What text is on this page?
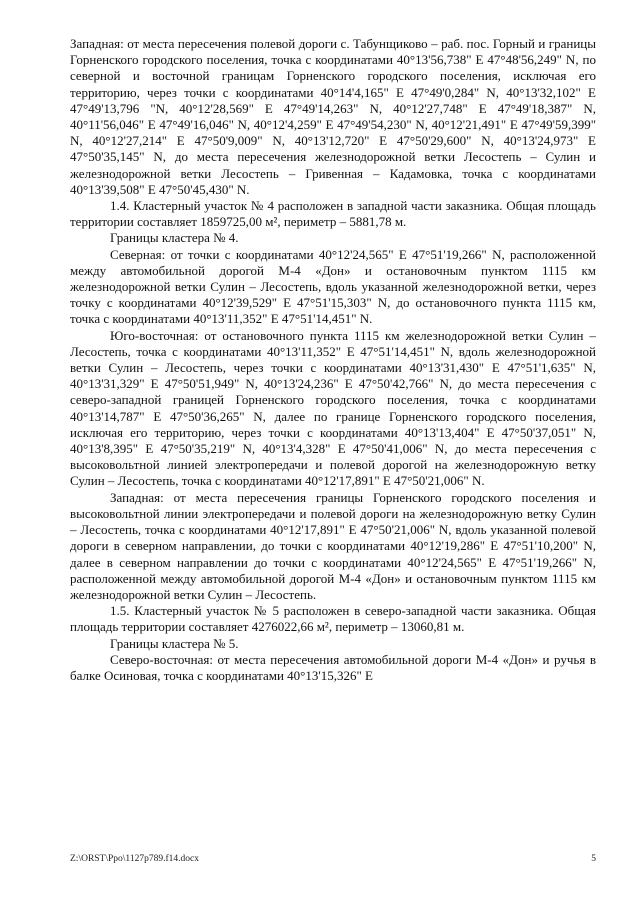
Западная: от места пересечения полевой дороги с. Табунщиково – раб. пос. Горный и границы Горненского городского поселения, точка с координатами 40°13'56,738" Е 47°48'56,249" N, по северной и восточной границам Горненского городского поселения, исключая его территорию, через точки с координатами 40°14'4,165" Е 47°49'0,284" N, 40°13'32,102" Е 47°49'13,796 "N, 40°12'28,569" Е 47°49'14,263" N, 40°12'27,748" Е 47°49'18,387" N, 40°11'56,046" Е 47°49'16,046" N, 40°12'4,259" Е 47°49'54,230" N, 40°12'21,491" Е 47°49'59,399" N, 40°12'27,214" Е 47°50'9,009" N, 40°13'12,720" Е 47°50'29,600" N, 40°13'24,973" Е 47°50'35,145" N, до места пересечения железнодорожной ветки Лесостепь – Сулин и железнодорожной ветки Лесостепь – Гривенная – Кадамовка, точка с координатами 40°13'39,508" Е 47°50'45,430" N.

1.4. Кластерный участок № 4 расположен в западной части заказника. Общая площадь территории составляет 1859725,00 м², периметр – 5881,78 м.

Границы кластера № 4.

Северная: от точки с координатами 40°12'24,565" Е 47°51'19,266" N, расположенной между автомобильной дорогой М-4 «Дон» и остановочным пунктом 1115 км железнодорожной ветки Сулин – Лесостепь, вдоль указанной железнодорожной ветки, через точку с координатами 40°12'39,529" Е 47°51'15,303" N, до остановочного пункта 1115 км, точка с координатами 40°13'11,352" Е 47°51'14,451" N.

Юго-восточная: от остановочного пункта 1115 км железнодорожной ветки Сулин – Лесостепь, точка с координатами 40°13'11,352" Е 47°51'14,451" N, вдоль железнодорожной ветки Сулин – Лесостепь, через точки с координатами 40°13'31,430" Е 47°51'1,635" N, 40°13'31,329" Е 47°50'51,949" N, 40°13'24,236" Е 47°50'42,766" N, до места пересечения с северо-западной границей Горненского городского поселения, точка с координатами 40°13'14,787" Е 47°50'36,265" N, далее по границе Горненского городского поселения, исключая его территорию, через точки с координатами 40°13'13,404" Е 47°50'37,051" N, 40°13'8,395" Е 47°50'35,219" N, 40°13'4,328" Е 47°50'41,006" N, до места пересечения с высоковольтной линией электропередачи и полевой дорогой на железнодорожную ветку Сулин – Лесостепь, точка с координатами 40°12'17,891" Е 47°50'21,006" N.

Западная: от места пересечения границы Горненского городского поселения и высоковольтной линии электропередачи и полевой дороги на железнодорожную ветку Сулин – Лесостепь, точка с координатами 40°12'17,891" Е 47°50'21,006" N, вдоль указанной полевой дороги в северном направлении, до точки с координатами 40°12'19,286" Е 47°51'10,200" N, далее в северном направлении до точки с координатами 40°12'24,565" Е 47°51'19,266" N, расположенной между автомобильной дорогой М-4 «Дон» и остановочным пунктом 1115 км железнодорожной ветки Сулин – Лесостепь.

1.5. Кластерный участок № 5 расположен в северо-западной части заказника. Общая площадь территории составляет 4276022,66 м², периметр – 13060,81 м.

Границы кластера № 5.

Северо-восточная: от места пересечения автомобильной дороги М-4 «Дон» и ручья в балке Осиновая, точка с координатами 40°13'15,326" Е

Z:\ORST\Ppo\1127p789.f14.docx	5
